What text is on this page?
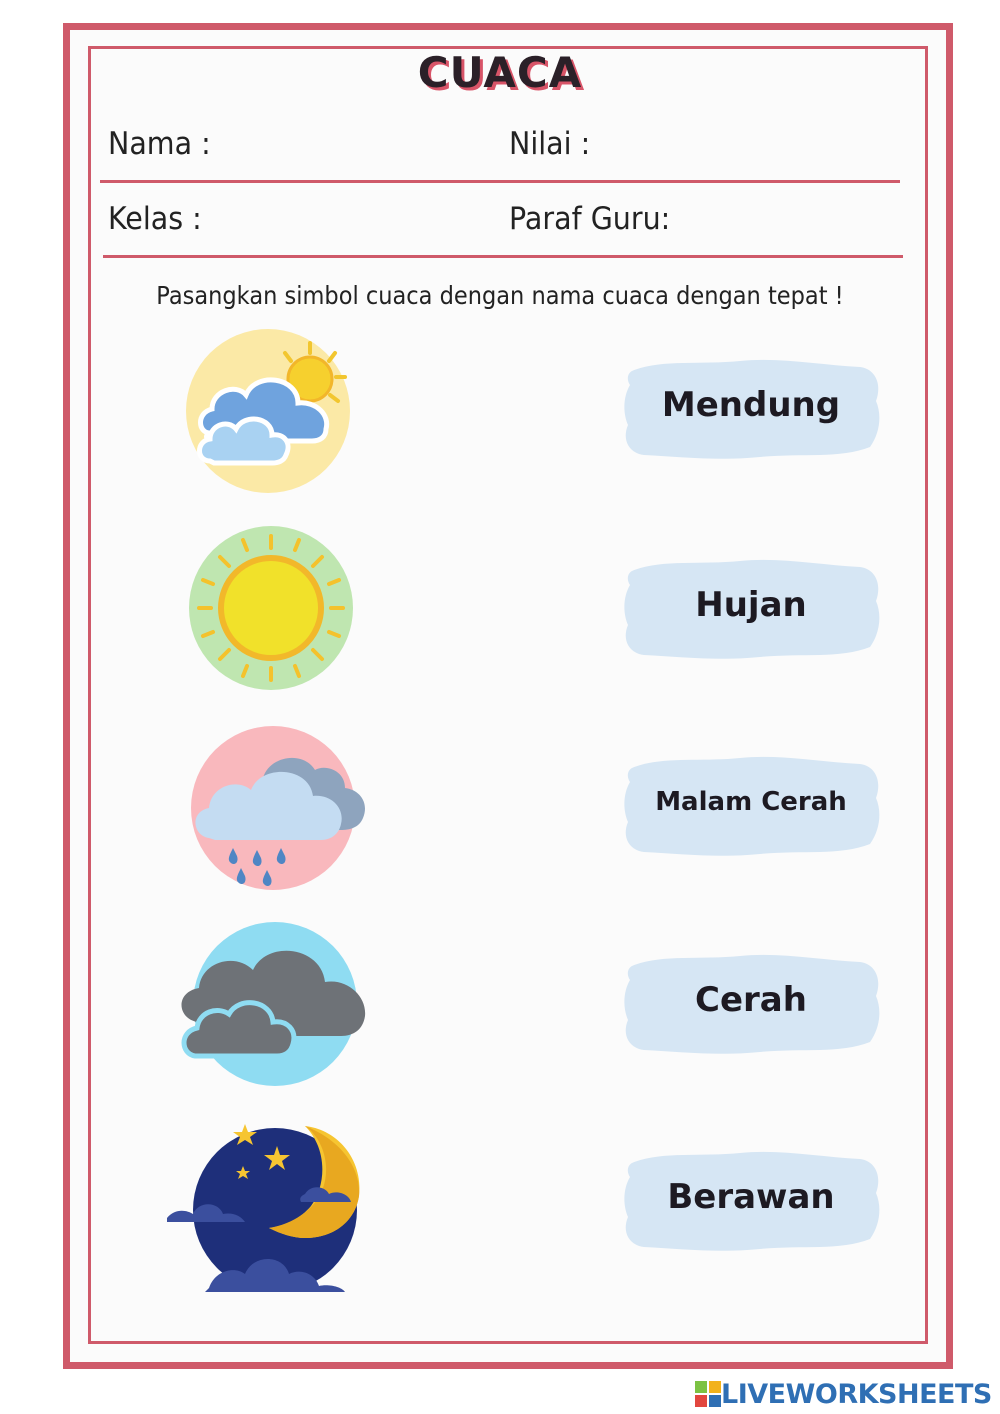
CUACA
Nama :	Nilai :
Kelas :	Paraf Guru:
Pasangkan simbol cuaca dengan nama cuaca dengan tepat !
Mendung
Hujan
Malam Cerah
Cerah
Berawan
LIVEWORKSHEETS
